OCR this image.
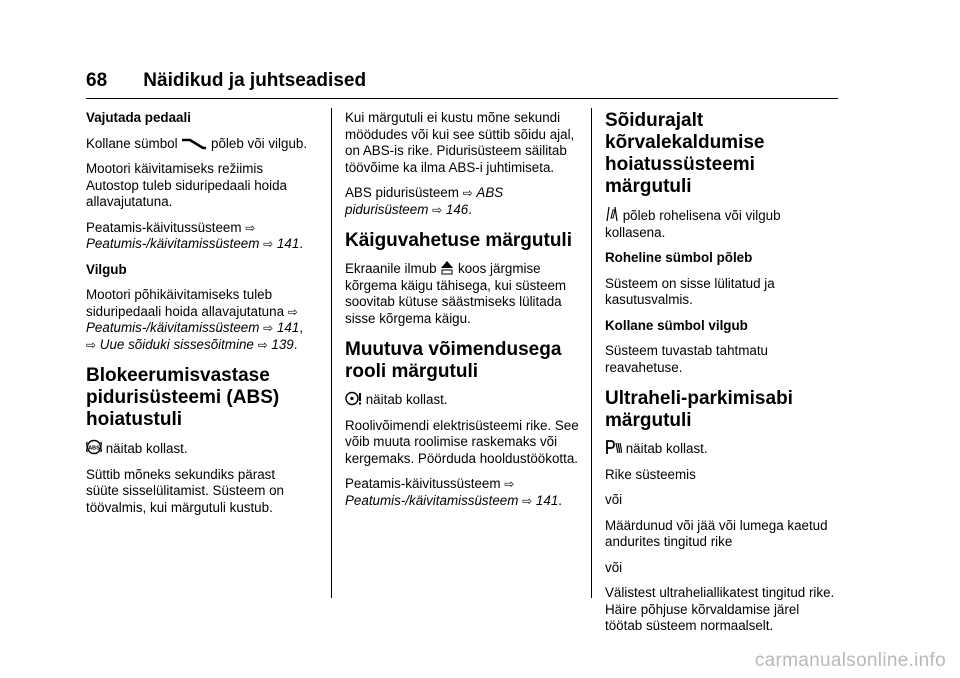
68 Näidikud ja juhtseadised

Vajutada pedaali

Kollane sümbol põleb või vilgub.

Mootori käivitamiseks režiimis Autostop tuleb siduripedaali hoida allavajutatuna.

Peatamis-käivitussüsteem ⇨
Peatumis-/käivitamissüsteem ⇨ 141.

Vilgub

Mootori põhikäivitamiseks tuleb siduripedaali hoida allavajutatuna ⇨
Peatumis-/käivitamissüsteem ⇨ 141,
⇨ Uue sõiduki sissesõitmine ⇨ 139.

Blokeerumisvastase pidurisüsteemi (ABS) hoiatustuli

ABS näitab kollast.

Süttib mõneks sekundiks pärast süüte sisselülitamist. Süsteem on töövalmis, kui märgutuli kustub.

Kui märgutuli ei kustu mõne sekundi möödudes või kui see süttib sõidu ajal, on ABS-is rike. Pidurisüsteem säilitab töövõime ka ilma ABS-i juhtimiseta.

ABS pidurisüsteem ⇨ ABS pidurisüsteem ⇨ 146.

Käiguvahetuse märgutuli

Ekraanile ilmub koos järgmise kõrgema käigu tähisega, kui süsteem soovitab kütuse säästmiseks lülitada sisse kõrgema käigu.

Muutuva võimendusega rooli märgutuli

näitab kollast.

Roolivõimendi elektrisüsteemi rike. See võib muuta roolimise raskemaks või kergemaks. Pöörduda hooldustöökotta.

Peatamis-käivitussüsteem ⇨
Peatumis-/käivitamissüsteem ⇨ 141.

Sõidurajalt kõrvalekaldumise hoiatussüsteemi märgutuli

põleb rohelisena või vilgub kollasena.

Roheline sümbol põleb

Süsteem on sisse lülitatud ja kasutusvalmis.

Kollane sümbol vilgub

Süsteem tuvastab tahtmatu reavahetuse.

Ultraheli-parkimisabi märgutuli

näitab kollast.

Rike süsteemis

või

Määrdunud või jää või lumega kaetud andurites tingitud rike

või

Välistest ultraheliallikatest tingitud rike. Häire põhjuse kõrvaldamise järel töötab süsteem normaalselt.

carmanualsonline.info
